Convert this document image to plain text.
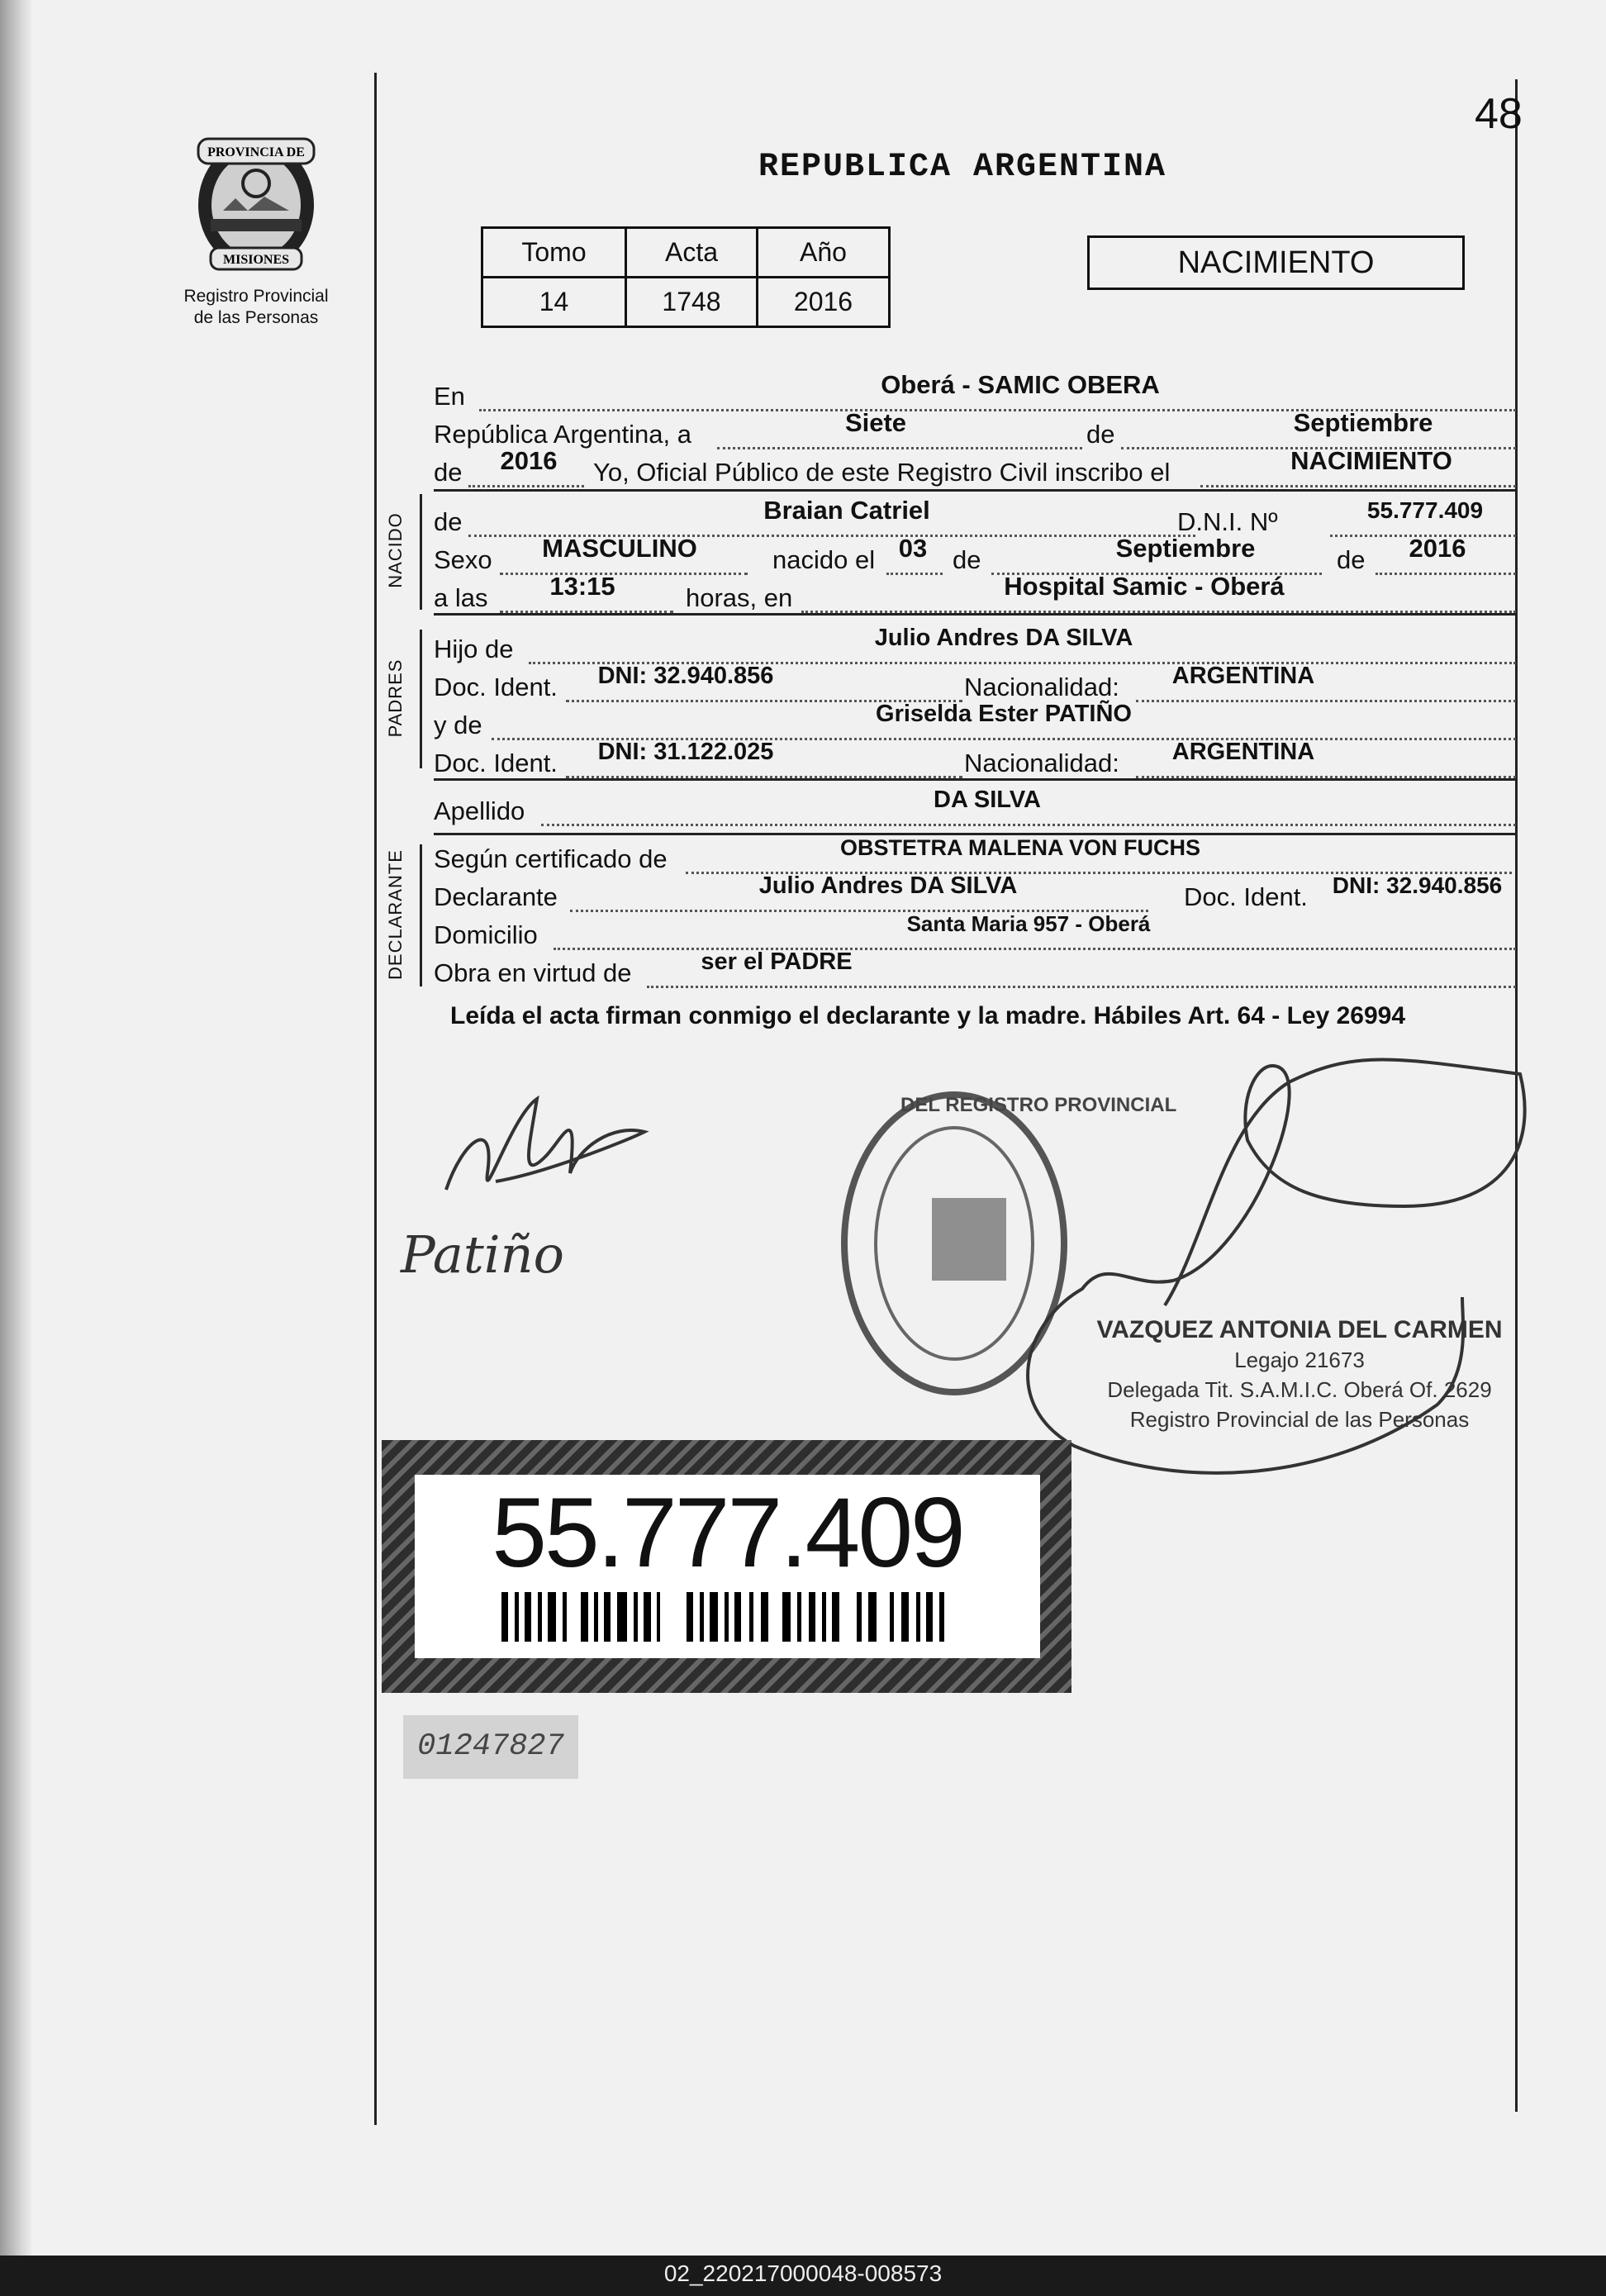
48
REPUBLICA ARGENTINA
PROVINCIA DE
MISIONES
Registro Provincial
de las Personas
Tomo	Acta	Año
14	1748	2016
NACIMIENTO
En	Oberá - SAMIC OBERA
República Argentina, a	Siete	de	Septiembre
de	2016	Yo, Oficial Público de este Registro Civil inscribo el	NACIMIENTO
NACIDO de	Braian Catriel	D.N.I. Nº	55.777.409
Sexo	MASCULINO	nacido el 03 de	Septiembre	de	2016
a las	13:15	horas, en	Hospital Samic - Oberá
PADRES
Hijo de	Julio Andres DA SILVA
Doc. Ident.	DNI: 32.940.856	Nacionalidad:	ARGENTINA
y de	Griselda Ester PATIÑO
Doc. Ident.	DNI: 31.122.025	Nacionalidad:	ARGENTINA
Apellido	DA SILVA
DECLARANTE Según certificado de	OBSTETRA MALENA VON FUCHS
Declarante	Julio Andres DA SILVA	Doc. Ident.	DNI: 32.940.856
Domicilio	Santa Maria 957 - Oberá
Obra en virtud de	ser el PADRE
Leída el acta firman conmigo el declarante y la madre. Hábiles Art. 64 - Ley 26994
Patiño
DEL REGISTRO PROVINCIAL
VAZQUEZ ANTONIA DEL CARMEN
Legajo 21673
Delegada Tit. S.A.M.I.C. Oberá Of. 2629
Registro Provincial de las Personas
55.777.409
01247827
02_220217000048-008573
